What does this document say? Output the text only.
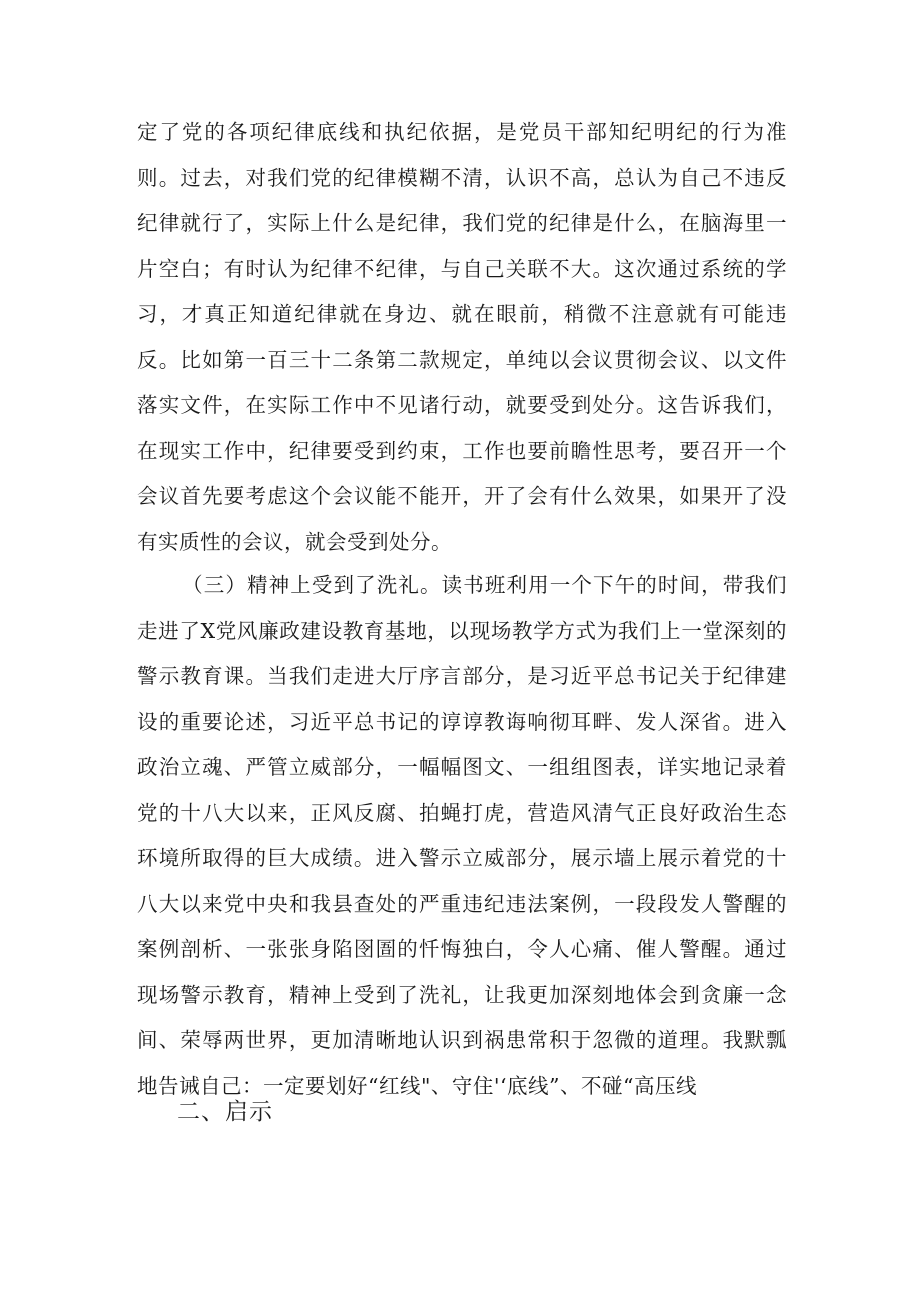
定了党的各项纪律底线和执纪依据，是党员干部知纪明纪的行为准则。过去，对我们党的纪律模糊不清，认识不高，总认为自己不违反纪律就行了，实际上什么是纪律，我们党的纪律是什么，在脑海里一片空白；有时认为纪律不纪律，与自己关联不大。这次通过系统的学习，才真正知道纪律就在身边、就在眼前，稍微不注意就有可能违反。比如第一百三十二条第二款规定，单纯以会议贯彻会议、以文件落实文件，在实际工作中不见诸行动，就要受到处分。这告诉我们，在现实工作中，纪律要受到约束，工作也要前瞻性思考，要召开一个会议首先要考虑这个会议能不能开，开了会有什么效果，如果开了没有实质性的会议，就会受到处分。

（三）精神上受到了洗礼。读书班利用一个下午的时间，带我们走进了X党风廉政建设教育基地，以现场教学方式为我们上一堂深刻的警示教育课。当我们走进大厅序言部分，是习近平总书记关于纪律建设的重要论述，习近平总书记的谆谆教诲响彻耳畔、发人深省。进入政治立魂、严管立威部分，一幅幅图文、一组组图表，详实地记录着党的十八大以来，正风反腐、拍蝇打虎，营造风清气正良好政治生态环境所取得的巨大成绩。进入警示立威部分，展示墙上展示着党的十八大以来党中央和我县查处的严重违纪违法案例，一段段发人警醒的案例剖析、一张张身陷囹圄的忏悔独白，令人心痛、催人警醒。通过现场警示教育，精神上受到了洗礼，让我更加深刻地体会到贪廉一念间、荣辱两世界，更加清晰地认识到祸患常积于忽微的道理。我默瓢地告诫自己：一定要划好“红线"、守住'‘底线”、不碰“高压线

二、启示
